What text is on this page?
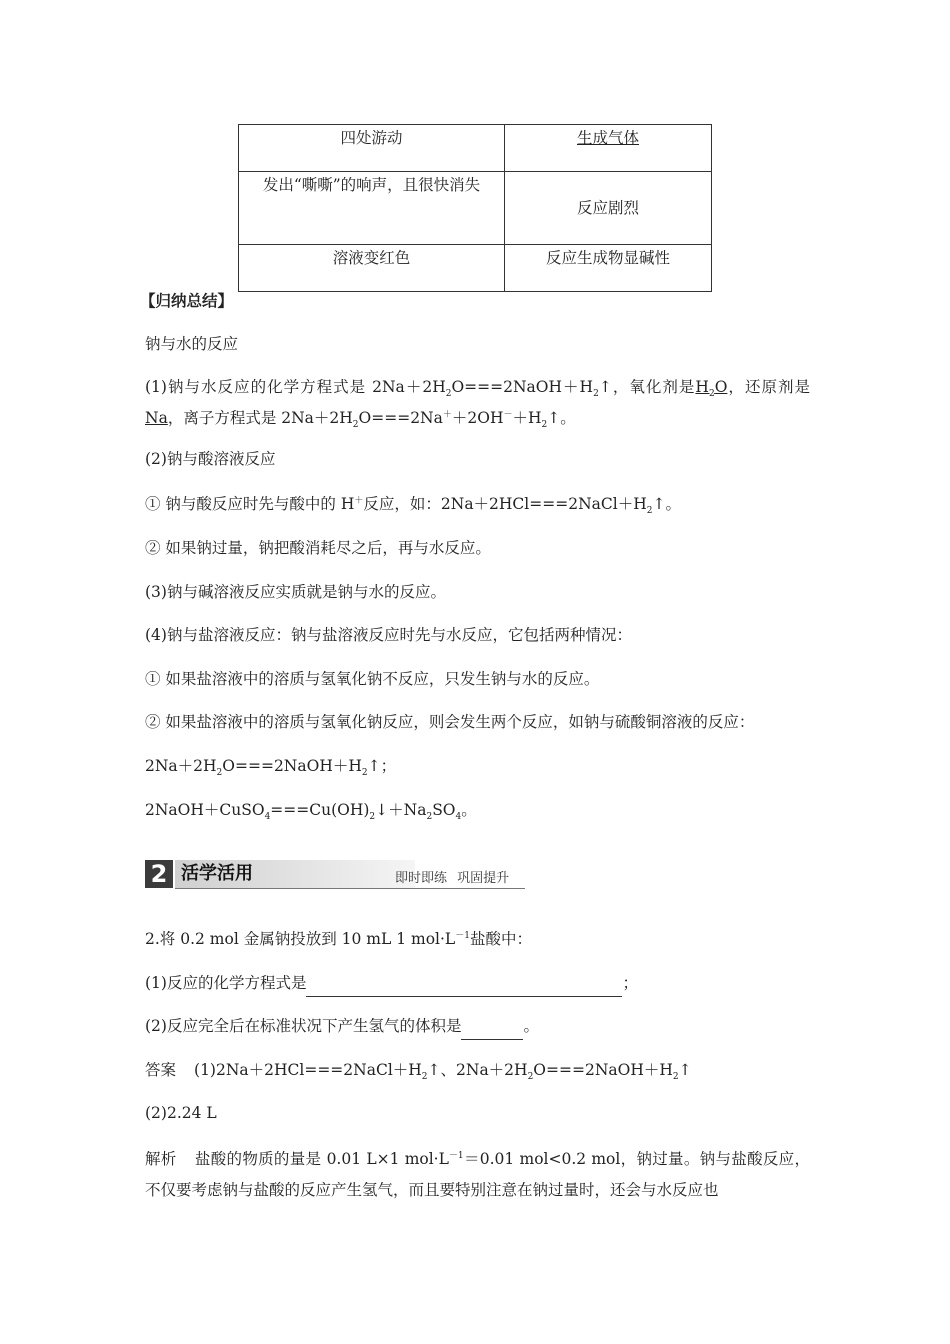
四处游动	生成气体
发出“嘶嘶”的响声，且很快消失	反应剧烈
溶液变红色	反应生成物显碱性
【归纳总结】
钠与水的反应
(1)钠与水反应的化学方程式是 $2Na+2H_2O===2NaOH+H_2↑$，氧化剂是$H_2O$，还原剂是Na，离子方程式是 $2Na+2H_2O===2Na^++2OH^-+H_2↑$。
(2)钠与酸溶液反应
① 钠与酸反应时先与酸中的 H＋反应，如：$2Na+2HCl===2NaCl+H_2↑$。
② 如果钠过量，钠把酸消耗尽之后，再与水反应。
(3)钠与碱溶液反应实质就是钠与水的反应。
(4)钠与盐溶液反应：钠与盐溶液反应时先与水反应，它包括两种情况：
① 如果盐溶液中的溶质与氢氧化钠不反应，只发生钠与水的反应。
② 如果盐溶液中的溶质与氢氧化钠反应，则会发生两个反应，如钠与硫酸铜溶液的反应：
$2Na+2H_2O===2NaOH+H_2↑$；
$2NaOH+CuSO_4===Cu(OH)_2↓+Na_2SO_4$。
2 活学活用	即时即练 巩固提升
2.将 0.2 mol 金属钠投放到 10 mL 1 $mol\cdot L^{-1}$盐酸中：
(1)反应的化学方程式是	；
(2)反应完全后在标准状况下产生氢气的体积是	。
答案 $(1)2Na+2HCl===2NaCl+H_2↑$、$2Na+2H_2O===2NaOH+H_2↑$
(2)2.24 L
解析 盐酸的物质的量是 0.01 L×1 $mol\cdot L^{-1}=0.01$ mol<0.2 mol，钠过量。钠与盐酸反应，不仅要考虑钠与盐酸的反应产生氢气，而且要特别注意在钠过量时，还会与水反应也
